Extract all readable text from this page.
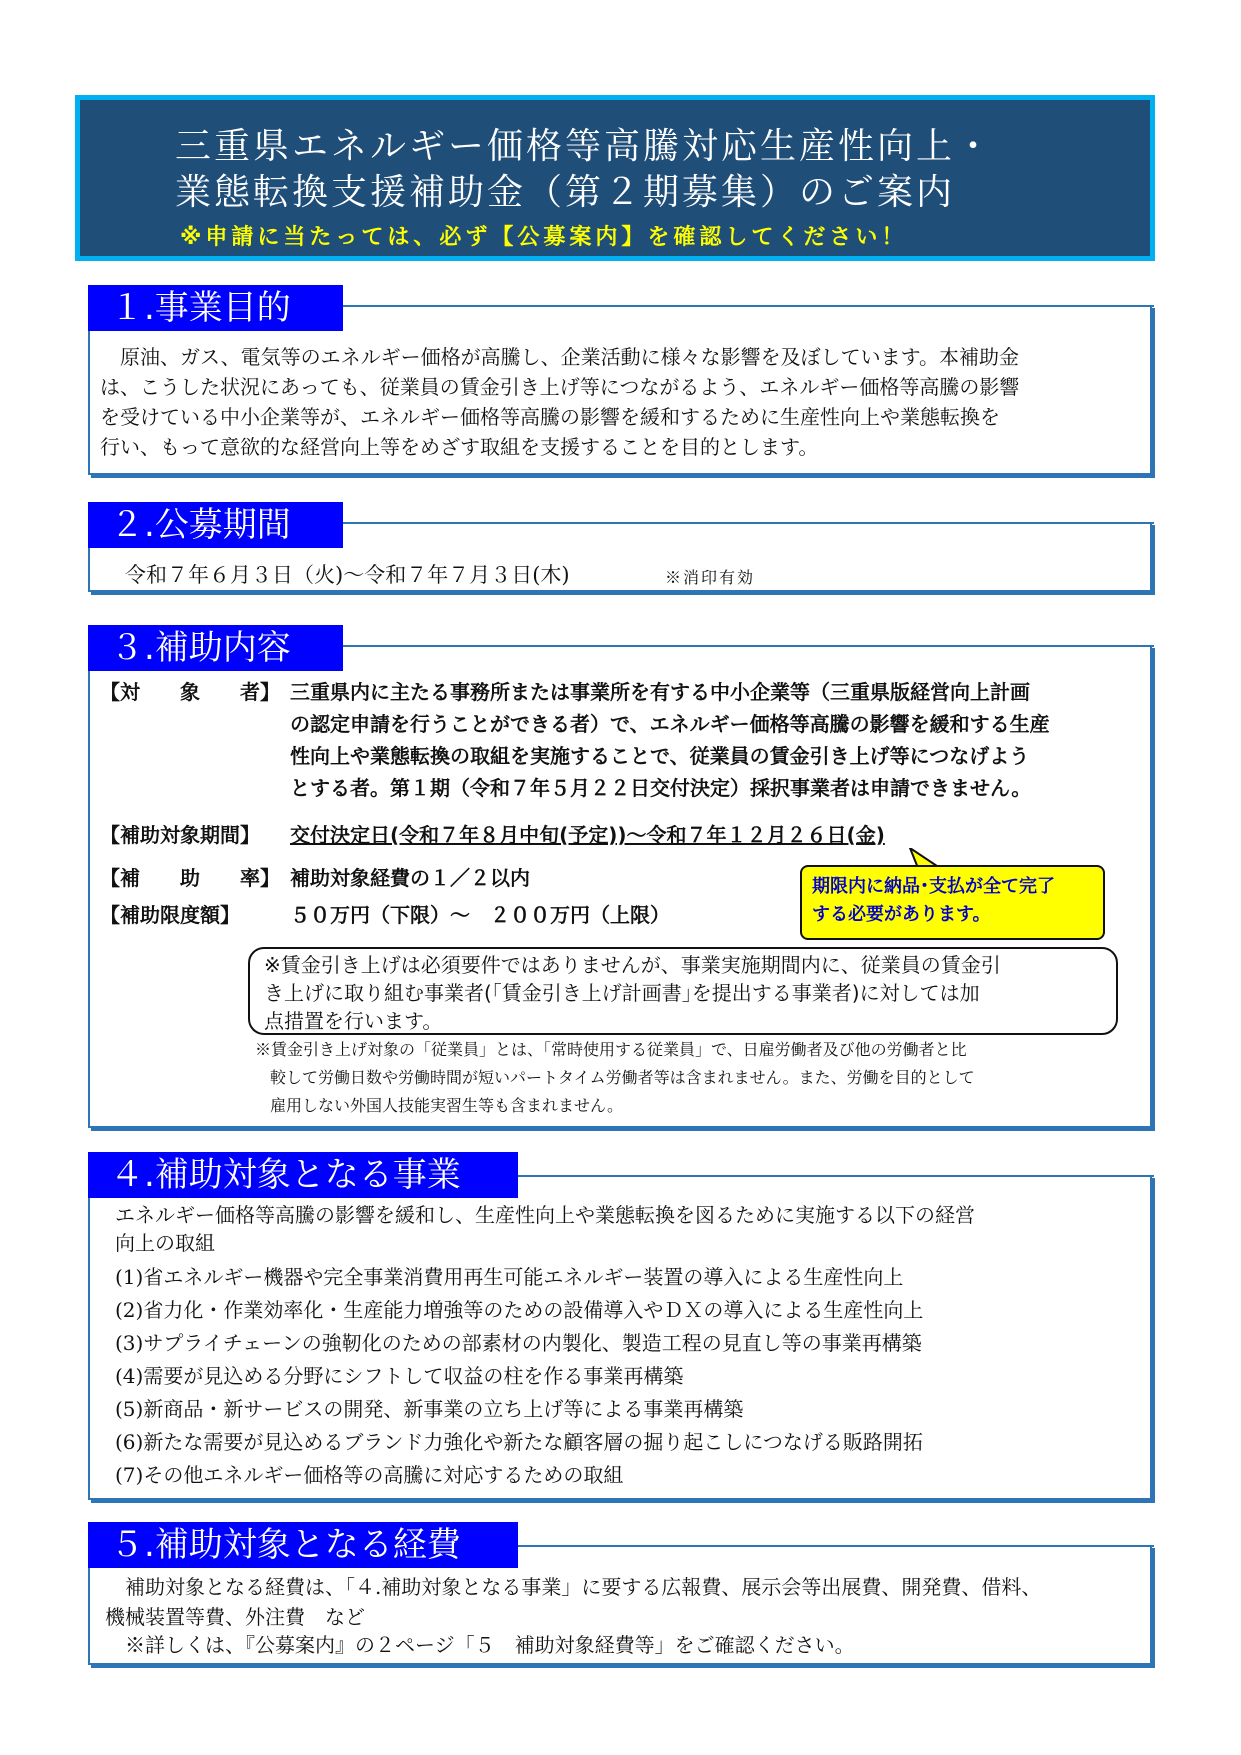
三重県エネルギー価格等高騰対応生産性向上・
業態転換支援補助金（第２期募集）のご案内
※申請に当たっては、必ず【公募案内】を確認してください！
１.事業目的
　原油、ガス、電気等のエネルギー価格が高騰し、企業活動に様々な影響を及ぼしています。本補助金
は、こうした状況にあっても、従業員の賃金引き上げ等につながるよう、エネルギー価格等高騰の影響
を受けている中小企業等が、エネルギー価格等高騰の影響を緩和するために生産性向上や業態転換を
行い、もって意欲的な経営向上等をめざす取組を支援することを目的とします。
２.公募期間
令和７年６月３日（火)～令和７年７月３日(木)	※消印有効
３.補助内容
【対　　象　　者】 三重県内に主たる事務所または事業所を有する中小企業等（三重県版経営向上計画
の認定申請を行うことができる者）で、エネルギー価格等高騰の影響を緩和する生産
性向上や業態転換の取組を実施することで、従業員の賃金引き上げ等につなげよう
とする者。第１期（令和７年５月２２日交付決定）採択事業者は申請できません。
【補助対象期間】 交付決定日(令和７年８月中旬(予定))～令和７年１２月２６日(金)
【補　　助　　率】 補助対象経費の１／２以内
【補助限度額】	５０万円（下限）～　２００万円（上限）
期限内に納品･支払が全て完了
する必要があります。
※賃金引き上げは必須要件ではありませんが、事業実施期間内に、従業員の賃金引
き上げに取り組む事業者(｢賃金引き上げ計画書｣を提出する事業者)に対しては加
点措置を行います。
※賃金引き上げ対象の「従業員」とは、「常時使用する従業員」で、日雇労働者及び他の労働者と比
較して労働日数や労働時間が短いパートタイム労働者等は含まれません。また、労働を目的として
雇用しない外国人技能実習生等も含まれません。
４.補助対象となる事業
エネルギー価格等高騰の影響を緩和し、生産性向上や業態転換を図るために実施する以下の経営
向上の取組
(1)省エネルギー機器や完全事業消費用再生可能エネルギー装置の導入による生産性向上
(2)省力化・作業効率化・生産能力増強等のための設備導入やＤＸの導入による生産性向上
(3)サプライチェーンの強靭化のための部素材の内製化、製造工程の見直し等の事業再構築
(4)需要が見込める分野にシフトして収益の柱を作る事業再構築
(5)新商品・新サービスの開発、新事業の立ち上げ等による事業再構築
(6)新たな需要が見込めるブランド力強化や新たな顧客層の掘り起こしにつなげる販路開拓
(7)その他エネルギー価格等の高騰に対応するための取組
５.補助対象となる経費
　補助対象となる経費は、「４.補助対象となる事業」に要する広報費、展示会等出展費、開発費、借料、
機械装置等費、外注費　など
　※詳しくは、『公募案内』の２ページ「５　補助対象経費等」をご確認ください。
